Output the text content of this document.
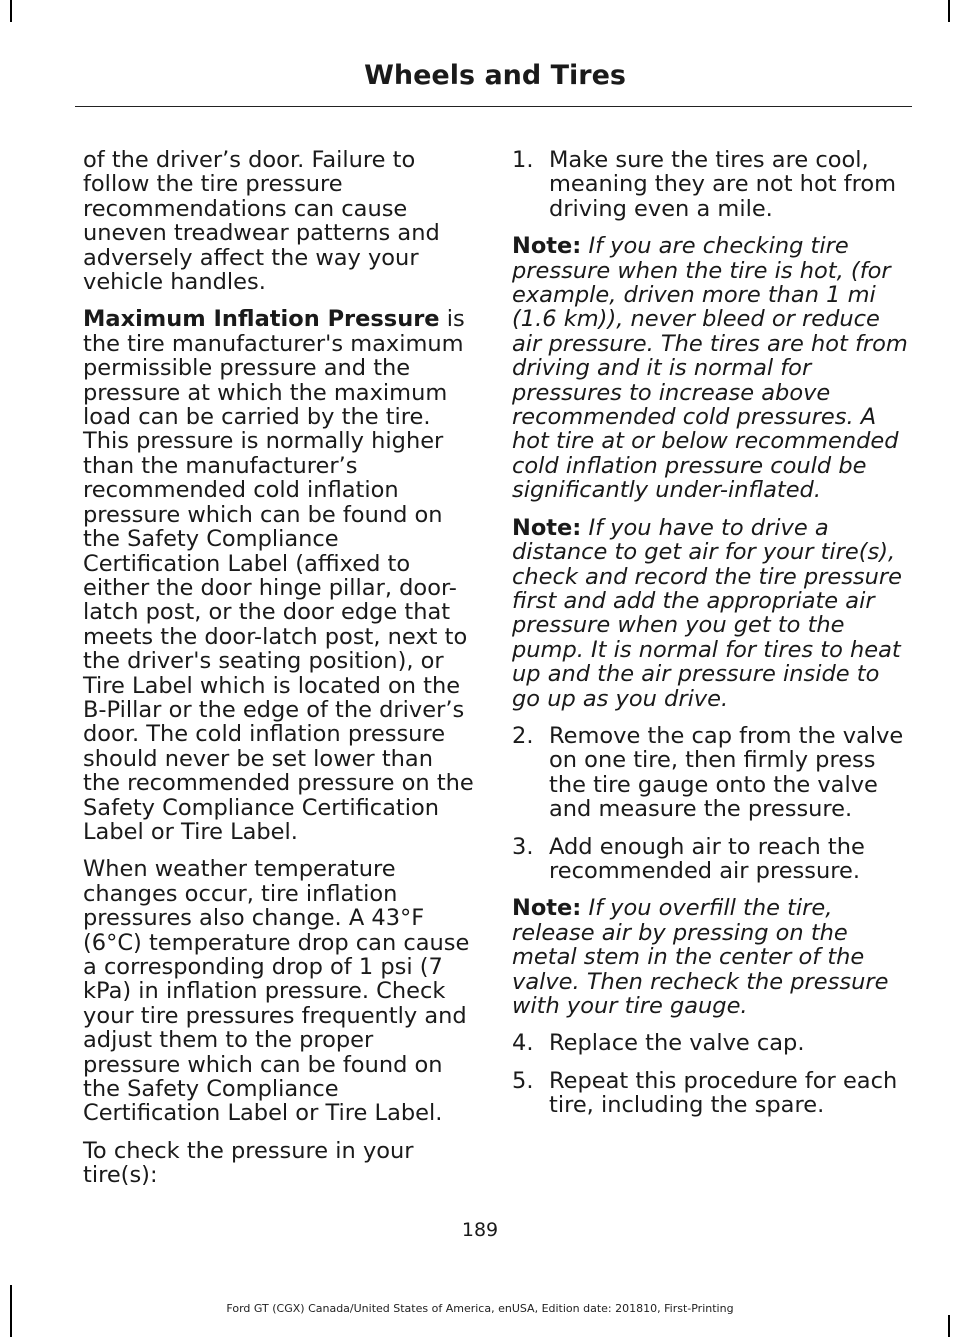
Wheels and Tires

of the driver’s door. Failure to follow the tire pressure recommendations can cause uneven treadwear patterns and adversely affect the way your vehicle handles.

Maximum Inflation Pressure is the tire manufacturer's maximum permissible pressure and the pressure at which the maximum load can be carried by the tire. This pressure is normally higher than the manufacturer’s recommended cold inflation pressure which can be found on the Safety Compliance Certification Label (affixed to either the door hinge pillar, door-latch post, or the door edge that meets the door-latch post, next to the driver's seating position), or Tire Label which is located on the B-Pillar or the edge of the driver’s door. The cold inflation pressure should never be set lower than the recommended pressure on the Safety Compliance Certification Label or Tire Label.

When weather temperature changes occur, tire inflation pressures also change. A 43°F (6°C) temperature drop can cause a corresponding drop of 1 psi (7 kPa) in inflation pressure. Check your tire pressures frequently and adjust them to the proper pressure which can be found on the Safety Compliance Certification Label or Tire Label.

To check the pressure in your tire(s):

1. Make sure the tires are cool, meaning they are not hot from driving even a mile.

Note: If you are checking tire pressure when the tire is hot, (for example, driven more than 1 mi (1.6 km)), never bleed or reduce air pressure. The tires are hot from driving and it is normal for pressures to increase above recommended cold pressures. A hot tire at or below recommended cold inflation pressure could be significantly under-inflated.

Note: If you have to drive a distance to get air for your tire(s), check and record the tire pressure first and add the appropriate air pressure when you get to the pump. It is normal for tires to heat up and the air pressure inside to go up as you drive.

2. Remove the cap from the valve on one tire, then firmly press the tire gauge onto the valve and measure the pressure.
3. Add enough air to reach the recommended air pressure.

Note: If you overfill the tire, release air by pressing on the metal stem in the center of the valve. Then recheck the pressure with your tire gauge.

4. Replace the valve cap.
5. Repeat this procedure for each tire, including the spare.
189
Ford GT (CGX) Canada/United States of America, enUSA, Edition date: 201810, First-Printing
